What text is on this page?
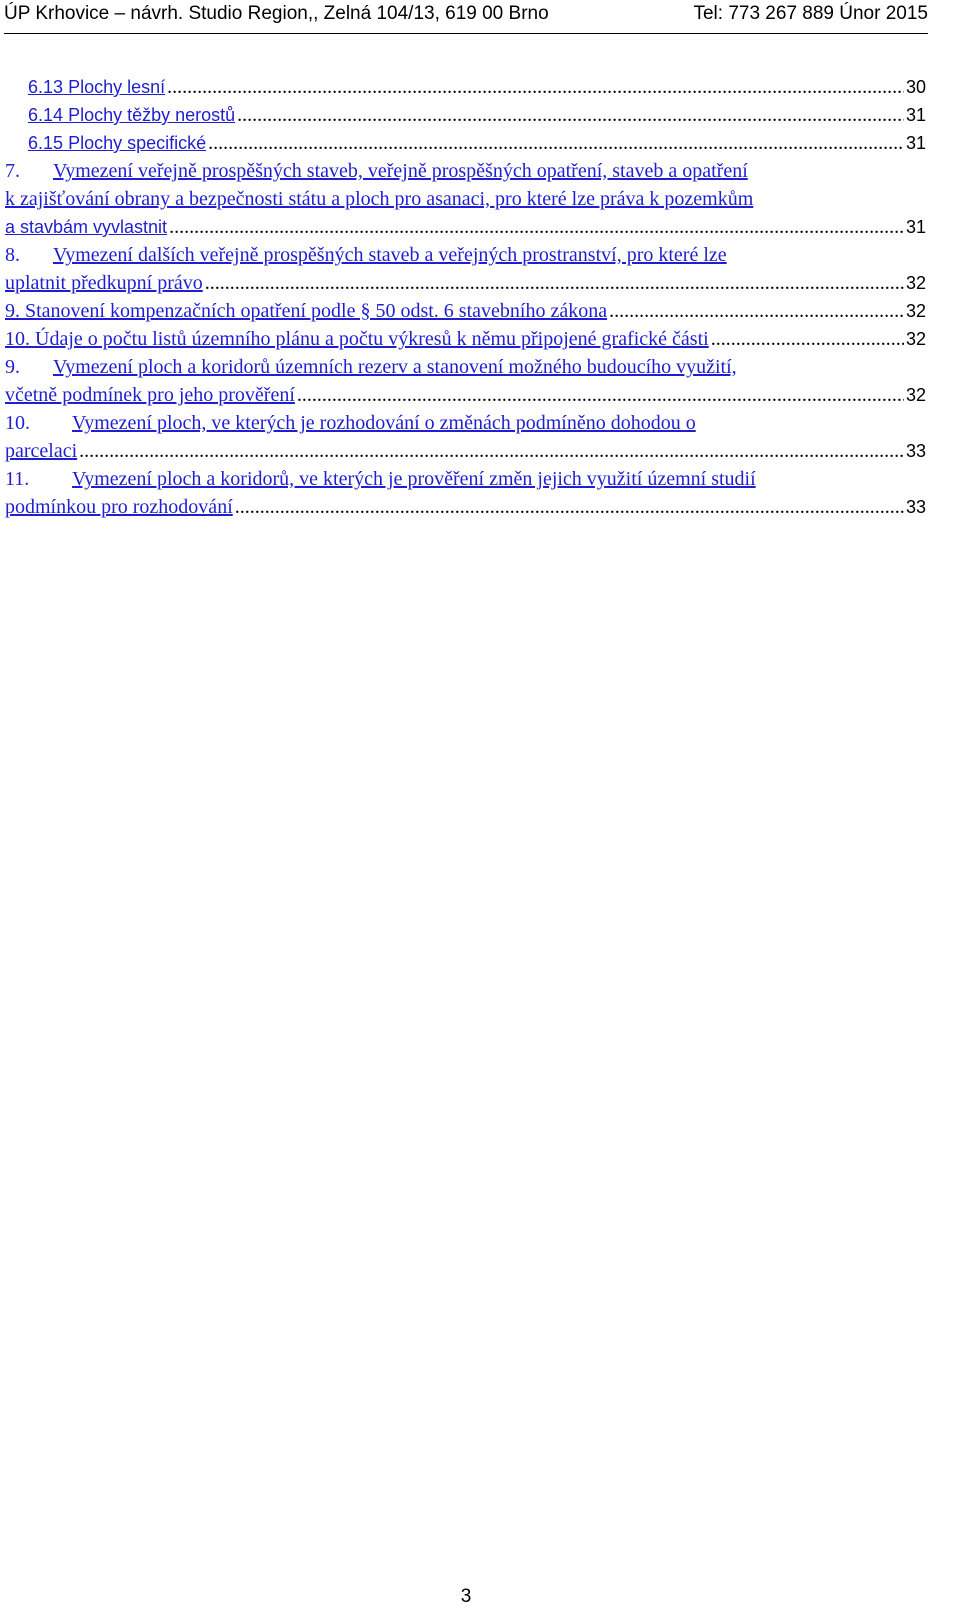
ÚP Krhovice – návrh. Studio Region,, Zelná 104/13, 619 00 Brno	Tel: 773 267 889 Únor 2015
6.13 Plochy lesní .....	30
6.14 Plochy těžby nerostů .....	31
6.15 Plochy specifické .....	31
7. Vymezení veřejně prospěšných staveb, veřejně prospěšných opatření, staveb a opatření
k zajišťování obrany a bezpečnosti státu a ploch pro asanaci, pro které lze práva k pozemkům
a stavbám vyvlastnit .....	31
8. Vymezení dalších veřejně prospěšných staveb a veřejných prostranství, pro které lze
uplatnit předkupní právo .....	32
9. Stanovení kompenzačních opatření podle § 50 odst. 6 stavebního zákona .....	32
10. Údaje o počtu listů územního plánu a počtu výkresů k němu připojené grafické části .....	32
9. Vymezení ploch a koridorů územních rezerv a stanovení možného budoucího využití,
včetně podmínek pro jeho prověření .....	32
10. Vymezení ploch, ve kterých je rozhodování o změnách podmíněno dohodou o
parcelaci .....	33
11. Vymezení ploch a koridorů, ve kterých je prověření změn jejich využití územní studií
podmínkou pro rozhodování .....	33
3
